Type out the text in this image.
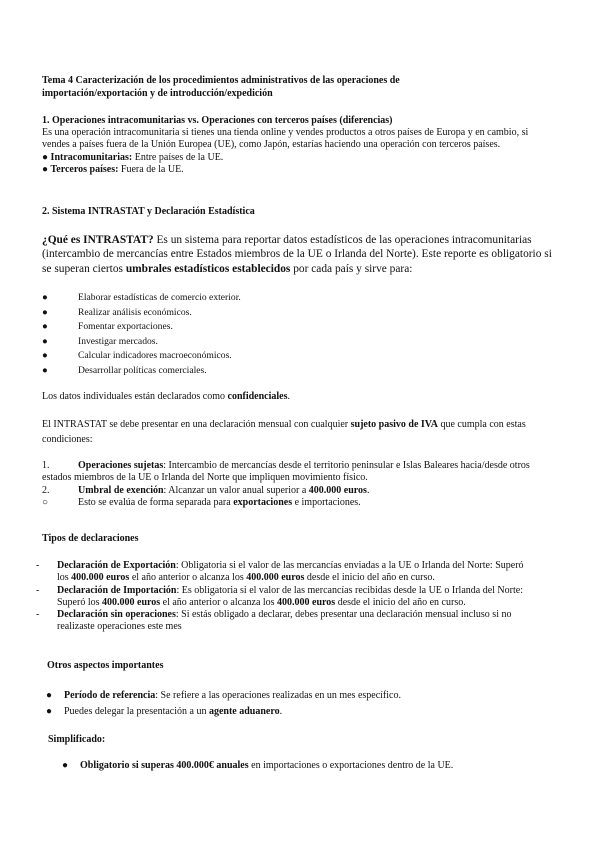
Tema 4 Caracterización de los procedimientos administrativos de las operaciones de
importación/exportación y de introducción/expedición
1. Operaciones intracomunitarias vs. Operaciones con terceros países (diferencias)
Es una operación intracomunitaria si tienes una tienda online y vendes productos a otros países de Europa y en cambio, si
vendes a países fuera de la Unión Europea (UE), como Japón, estarías haciendo una operación con terceros países.
● Intracomunitarias: Entre países de la UE.
● Terceros países: Fuera de la UE.
2. Sistema INTRASTAT y Declaración Estadística
¿Qué es INTRASTAT? Es un sistema para reportar datos estadísticos de las operaciones intracomunitarias
(intercambio de mercancías entre Estados miembros de la UE o Irlanda del Norte). Este reporte es obligatorio si
se superan ciertos umbrales estadísticos establecidos por cada país y sirve para:
●	Elaborar estadísticas de comercio exterior.
●	Realizar análisis económicos.
●	Fomentar exportaciones.
●	Investigar mercados.
●	Calcular indicadores macroeconómicos.
●	Desarrollar políticas comerciales.
Los datos individuales están declarados como confidenciales.
El INTRASTAT se debe presentar en una declaración mensual con cualquier sujeto pasivo de IVA que cumpla con estas
condiciones:
1.	Operaciones sujetas: Intercambio de mercancías desde el territorio peninsular e Islas Baleares hacia/desde otros
estados miembros de la UE o Irlanda del Norte que impliquen movimiento físico.
2.	Umbral de exención: Alcanzar un valor anual superior a 400.000 euros.
○	Esto se evalúa de forma separada para exportaciones e importaciones.
Tipos de declaraciones
- Declaración de Exportación: Obligatoria si el valor de las mercancías enviadas a la UE o Irlanda del Norte: Superó
los 400.000 euros el año anterior o alcanza los 400.000 euros desde el inicio del año en curso.
- Declaración de Importación: Es obligatoria si el valor de las mercancías recibidas desde la UE o Irlanda del Norte:
Superó los 400.000 euros el año anterior o alcanza los 400.000 euros desde el inicio del año en curso.
- Declaración sin operaciones: Si estás obligado a declarar, debes presentar una declaración mensual incluso si no
realizaste operaciones este mes
Otros aspectos importantes
● Período de referencia: Se refiere a las operaciones realizadas en un mes específico.
● Puedes delegar la presentación a un agente aduanero.
Simplificado:
● Obligatorio si superas 400.000€ anuales en importaciones o exportaciones dentro de la UE.
